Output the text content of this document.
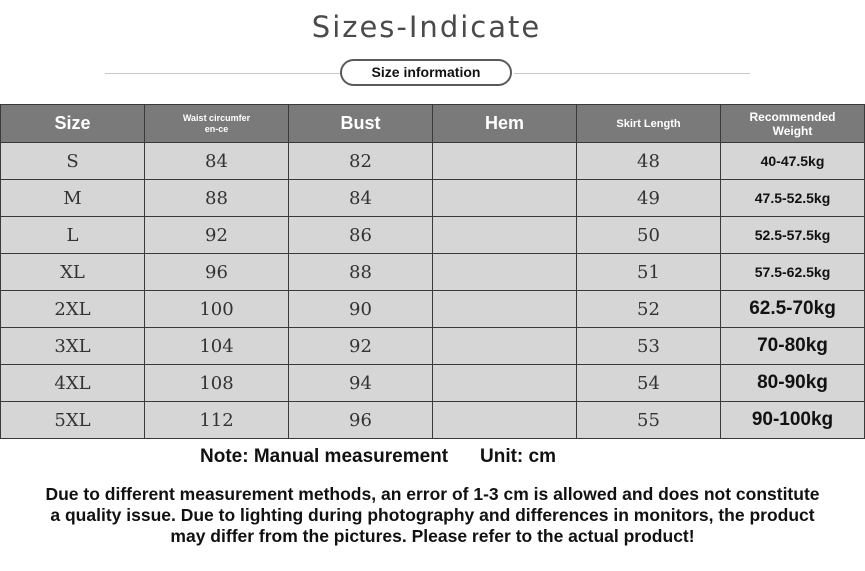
Sizes-Indicate
Size information
Size	Waist circumferen-ce	Bust	Hem	Skirt Length	Recommended Weight

S	84	82		48	40-47.5kg
M	88	84		49	47.5-52.5kg
L	92	86		50	52.5-57.5kg
XL	96	88		51	57.5-62.5kg
2XL	100	90		52	62.5-70kg
3XL	104	92		53	70-80kg
4XL	108	94		54	80-90kg
5XL	112	96		55	90-100kg
Note: Manual measurement Unit: cm
Due to different measurement methods, an error of 1-3 cm is allowed and does not constitute a quality issue. Due to lighting during photography and differences in monitors, the product may differ from the pictures. Please refer to the actual product!
